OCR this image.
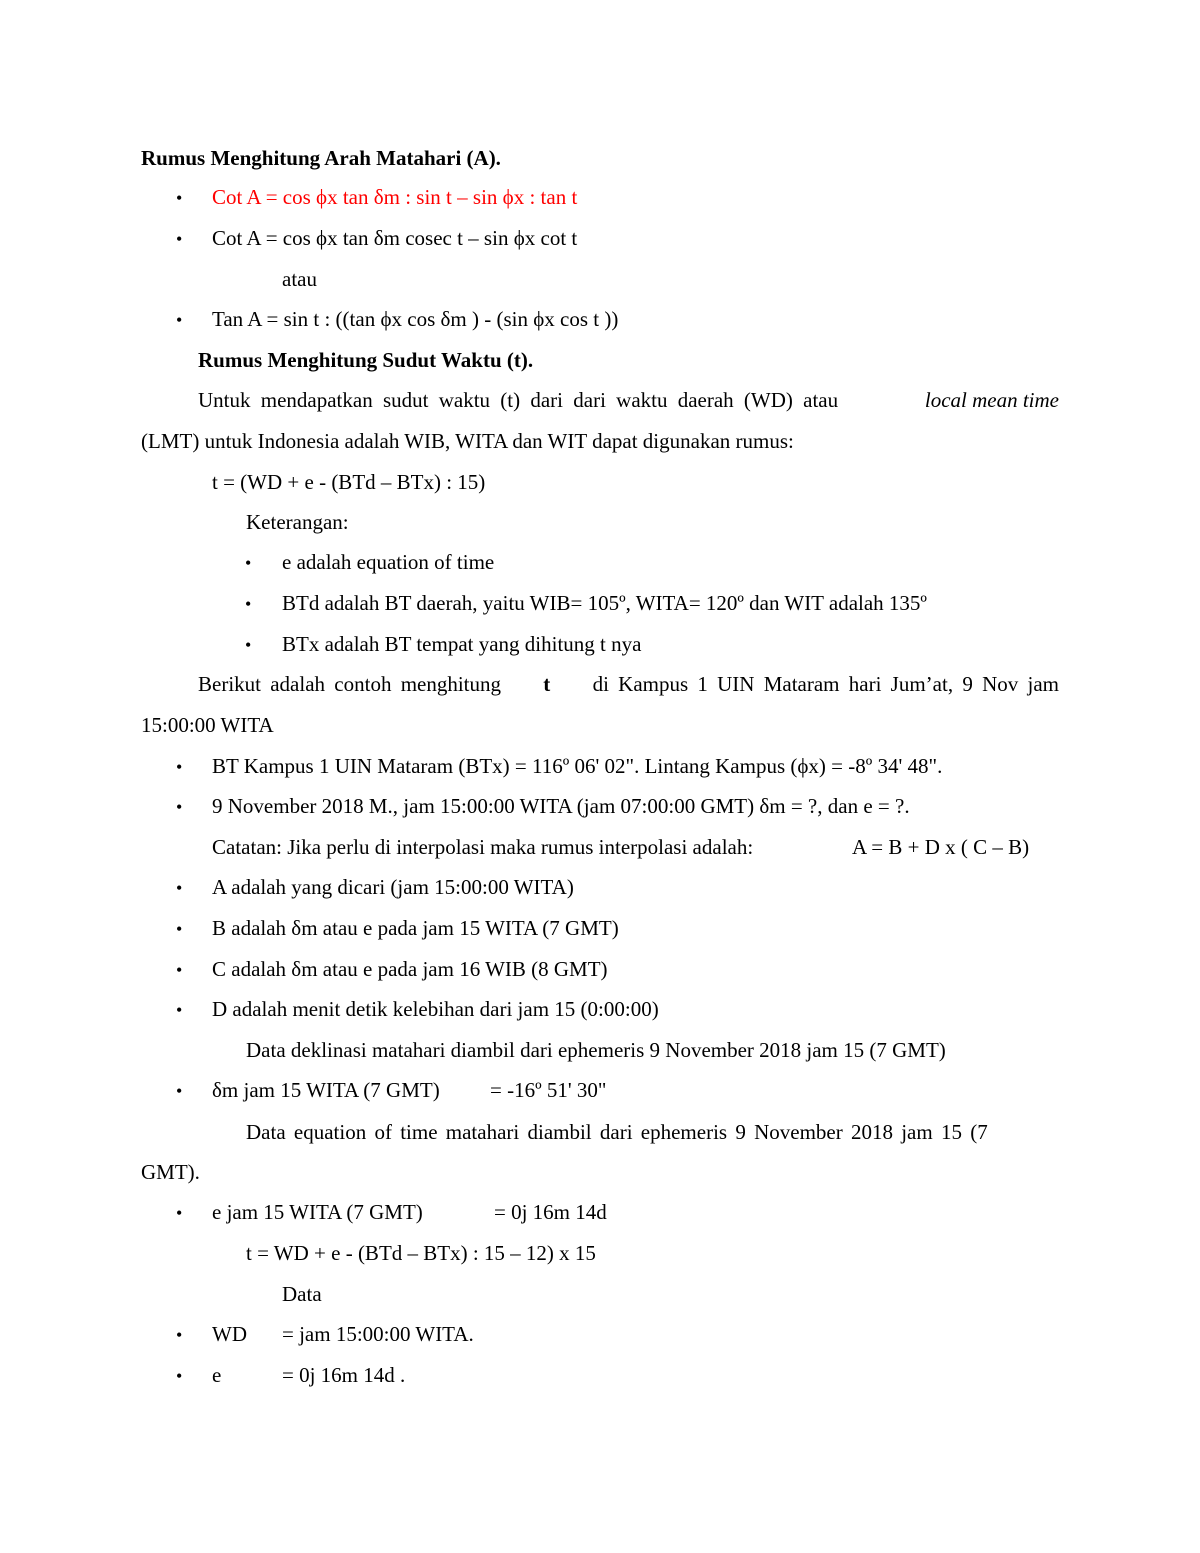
Rumus Menghitung Arah Matahari (A).
• Cot A = cos ϕx tan δm : sin t – sin ϕx : tan t
• Cot A = cos ϕx tan δm cosec t – sin ϕx cot t
atau
• Tan A = sin t : ((tan ϕx cos δm ) - (sin ϕx cos t ))
Rumus Menghitung Sudut Waktu (t).
Untuk mendapatkan sudut waktu (t) dari dari waktu daerah (WD) atau	local mean time
(LMT) untuk Indonesia adalah WIB, WITA dan WIT dapat digunakan rumus:
t = (WD + e - (BTd – BTx) : 15)
Keterangan:
• e adalah equation of time
• BTd adalah BT daerah, yaitu WIB= 105º, WITA= 120º dan WIT adalah 135º
• BTx adalah BT tempat yang dihitung t nya
Berikut adalah contoh menghitung t di Kampus 1 UIN Mataram hari Jum’at, 9 Nov jam
15:00:00 WITA
• BT Kampus 1 UIN Mataram (BTx) = 116º 06' 02". Lintang Kampus (ϕx) = -8º 34' 48".
• 9 November 2018 M., jam 15:00:00 WITA (jam 07:00:00 GMT) δm = ?, dan e = ?.
Catatan: Jika perlu di interpolasi maka rumus interpolasi adalah:	A = B + D x ( C – B)
• A adalah yang dicari (jam 15:00:00 WITA)
• B adalah δm atau e pada jam 15 WITA (7 GMT)
• C adalah δm atau e pada jam 16 WIB (8 GMT)
• D adalah menit detik kelebihan dari jam 15 (0:00:00)
Data deklinasi matahari diambil dari ephemeris 9 November 2018 jam 15 (7 GMT)
• δm jam 15 WITA (7 GMT) = -16º 51' 30"
Data equation of time matahari diambil dari ephemeris 9 November 2018 jam 15 (7
GMT).
• e jam 15 WITA (7 GMT)	= 0j 16m 14d
t = WD + e - (BTd – BTx) : 15 – 12) x 15
Data
• WD = jam 15:00:00 WITA.
• e	= 0j 16m 14d .
